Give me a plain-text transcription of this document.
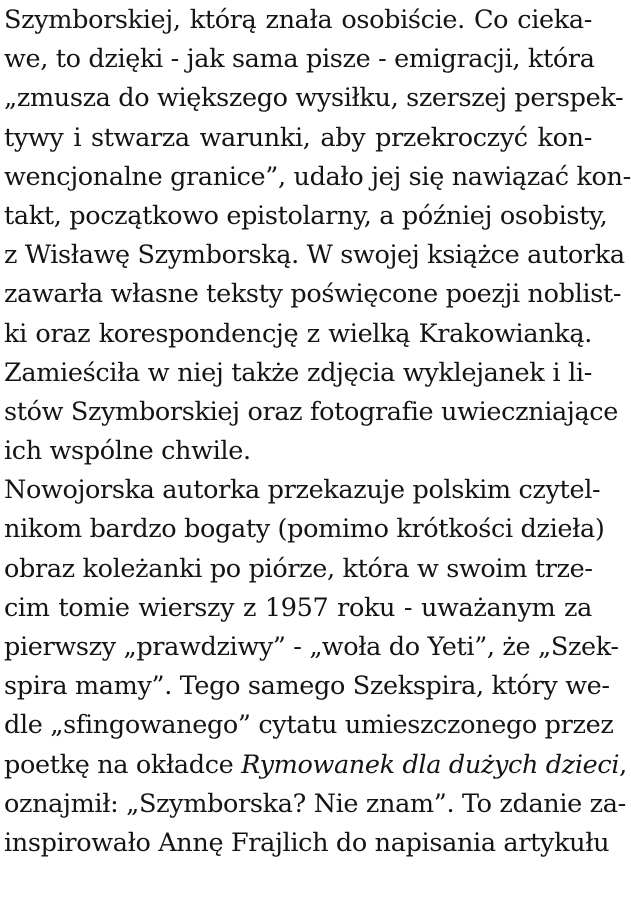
Szymborskiej, którą znała osobiście. Co cieka-
we, to dzięki - jak sama pisze - emigracji, która
„zmusza do większego wysiłku, szerszej perspek-
tywy i stwarza warunki, aby przekroczyć kon-
wencjonalne granice”, udało jej się nawiązać kon-
takt, początkowo epistolarny, a później osobisty,
z Wisławę Szymborską. W swojej książce autorka
zawarła własne teksty poświęcone poezji noblist-
ki oraz korespondencję z wielką Krakowianką.
Zamieściła w niej także zdjęcia wyklejanek i li-
stów Szymborskiej oraz fotografie uwieczniające
ich wspólne chwile.

Nowojorska autorka przekazuje polskim czytel-
nikom bardzo bogaty (pomimo krótkości dzieła)
obraz koleżanki po piórze, która w swoim trze-
cim tomie wierszy z 1957 roku - uważanym za
pierwszy „prawdziwy” - „woła do Yeti”, że „Szek-
spira mamy”. Tego samego Szekspira, który we-
dle „sfingowanego” cytatu umieszczonego przez
poetkę na okładce Rymowanek dla dużych dzieci,
oznajmił: „Szymborska? Nie znam”. To zdanie za-
inspirowało Annę Frajlich do napisania artykułu
